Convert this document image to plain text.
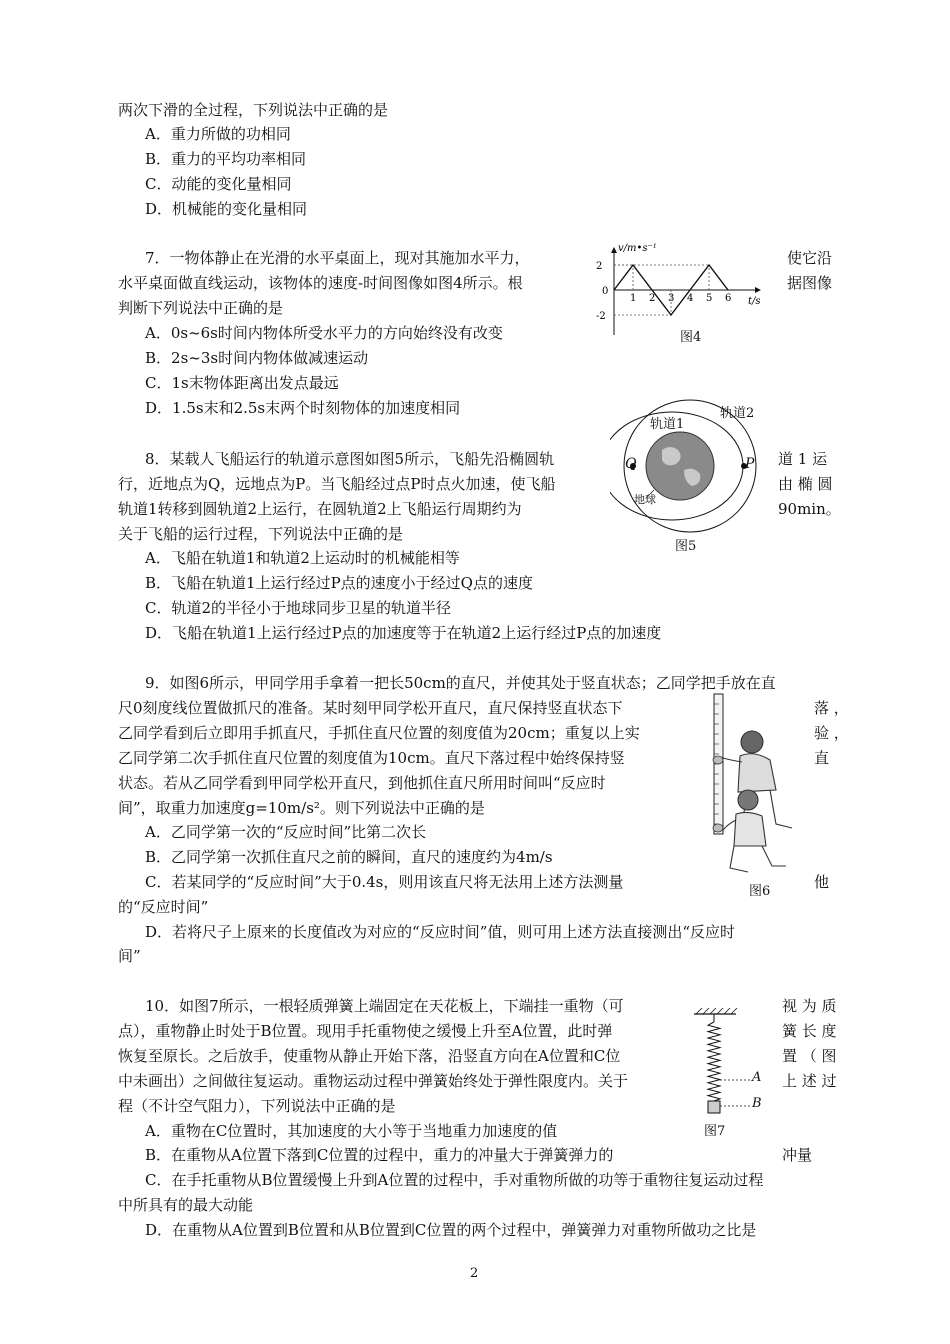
两次下滑的全过程，下列说法中正确的是
A．重力所做的功相同
B．重力的平均功率相同
C．动能的变化量相同
D．机械能的变化量相同
7．一物体静止在光滑的水平桌面上，现对其施加水平力，	使它沿
水平桌面做直线运动，该物体的速度-时间图像如图4所示。根	据图像
判断下列说法中正确的是
A．0s~6s时间内物体所受水平力的方向始终没有改变
B．2s~3s时间内物体做减速运动
C．1s末物体距离出发点最远
D．1.5s末和2.5s末两个时刻物体的加速度相同
1 2 3 4 5 6
2
0
-2
v/m•s⁻¹
t/s
图4
8．某载人飞船运行的轨道示意图如图5所示，飞船先沿椭圆轨	道 1 运
行，近地点为Q，远地点为P。当飞船经过点P时点火加速，使飞船	由 椭 圆
轨道1转移到圆轨道2上运行，在圆轨道2上飞船运行周期约为	90min。
关于飞船的运行过程，下列说法中正确的是
A．飞船在轨道1和轨道2上运动时的机械能相等
B．飞船在轨道1上运行经过P点的速度小于经过Q点的速度
C．轨道2的半径小于地球同步卫星的轨道半径
D．飞船在轨道1上运行经过P点的加速度等于在轨道2上运行经过P点的加速度
轨道1
轨道2
Q	P
地球
图5
9．如图6所示，甲同学用手拿着一把长50cm的直尺，并使其处于竖直状态；乙同学把手放在直
尺0刻度线位置做抓尺的准备。某时刻甲同学松开直尺，直尺保持竖直状态下	落 ，
乙同学看到后立即用手抓直尺，手抓住直尺位置的刻度值为20cm；重复以上实	验 ，
乙同学第二次手抓住直尺位置的刻度值为10cm。直尺下落过程中始终保持竖	直
状态。若从乙同学看到甲同学松开直尺，到他抓住直尺所用时间叫“反应时
间”，取重力加速度g=10m/s²。则下列说法中正确的是
A．乙同学第一次的“反应时间”比第二次长
B．乙同学第一次抓住直尺之前的瞬间，直尺的速度约为4m/s
C．若某同学的“反应时间”大于0.4s，则用该直尺将无法用上述方法测量	他
的“反应时间”
D．若将尺子上原来的长度值改为对应的“反应时间”值，则可用上述方法直接测出“反应时
间”
图6
10．如图7所示，一根轻质弹簧上端固定在天花板上，下端挂一重物（可	视 为 质
点），重物静止时处于B位置。现用手托重物使之缓慢上升至A位置，此时弹	簧 长 度
恢复至原长。之后放手，使重物从静止开始下落，沿竖直方向在A位置和C位	置 （ 图
中未画出）之间做往复运动。重物运动过程中弹簧始终处于弹性限度内。关于	上 述 过
程（不计空气阻力），下列说法中正确的是
A．重物在C位置时，其加速度的大小等于当地重力加速度的值
B．在重物从A位置下落到C位置的过程中，重力的冲量大于弹簧弹力的	冲量
C．在手托重物从B位置缓慢上升到A位置的过程中，手对重物所做的功等于重物往复运动过程
中所具有的最大动能
D．在重物从A位置到B位置和从B位置到C位置的两个过程中，弹簧弹力对重物所做功之比是
A
B
图7
2
